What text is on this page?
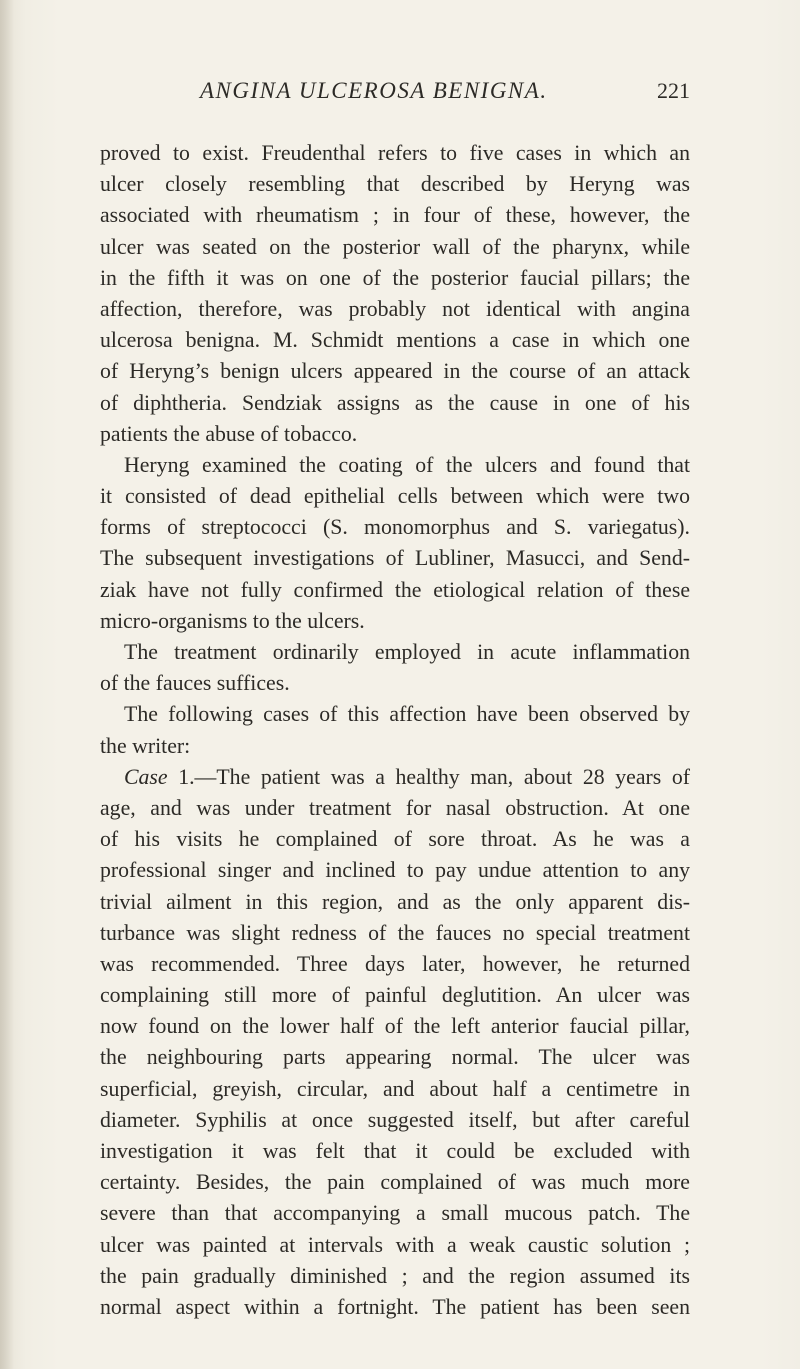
ANGINA ULCEROSA BENIGNA.	221
proved to exist. Freudenthal refers to five cases in which an
ulcer closely resembling that described by Heryng was
associated with rheumatism ; in four of these, however, the
ulcer was seated on the posterior wall of the pharynx, while
in the fifth it was on one of the posterior faucial pillars; the
affection, therefore, was probably not identical with angina
ulcerosa benigna. M. Schmidt mentions a case in which one
of Heryng’s benign ulcers appeared in the course of an attack
of diphtheria. Sendziak assigns as the cause in one of his
patients the abuse of tobacco.
Heryng examined the coating of the ulcers and found that
it consisted of dead epithelial cells between which were two
forms of streptococci (S. monomorphus and S. variegatus).
The subsequent investigations of Lubliner, Masucci, and Send-
ziak have not fully confirmed the etiological relation of these
micro-organisms to the ulcers.
The treatment ordinarily employed in acute inflammation
of the fauces suffices.
The following cases of this affection have been observed by
the writer:
Case 1.—The patient was a healthy man, about 28 years of
age, and was under treatment for nasal obstruction. At one
of his visits he complained of sore throat. As he was a
professional singer and inclined to pay undue attention to any
trivial ailment in this region, and as the only apparent dis-
turbance was slight redness of the fauces no special treatment
was recommended. Three days later, however, he returned
complaining still more of painful deglutition. An ulcer was
now found on the lower half of the left anterior faucial pillar,
the neighbouring parts appearing normal. The ulcer was
superficial, greyish, circular, and about half a centimetre in
diameter. Syphilis at once suggested itself, but after careful
investigation it was felt that it could be excluded with
certainty. Besides, the pain complained of was much more
severe than that accompanying a small mucous patch. The
ulcer was painted at intervals with a weak caustic solution ;
the pain gradually diminished ; and the region assumed its
normal aspect within a fortnight. The patient has been seen
